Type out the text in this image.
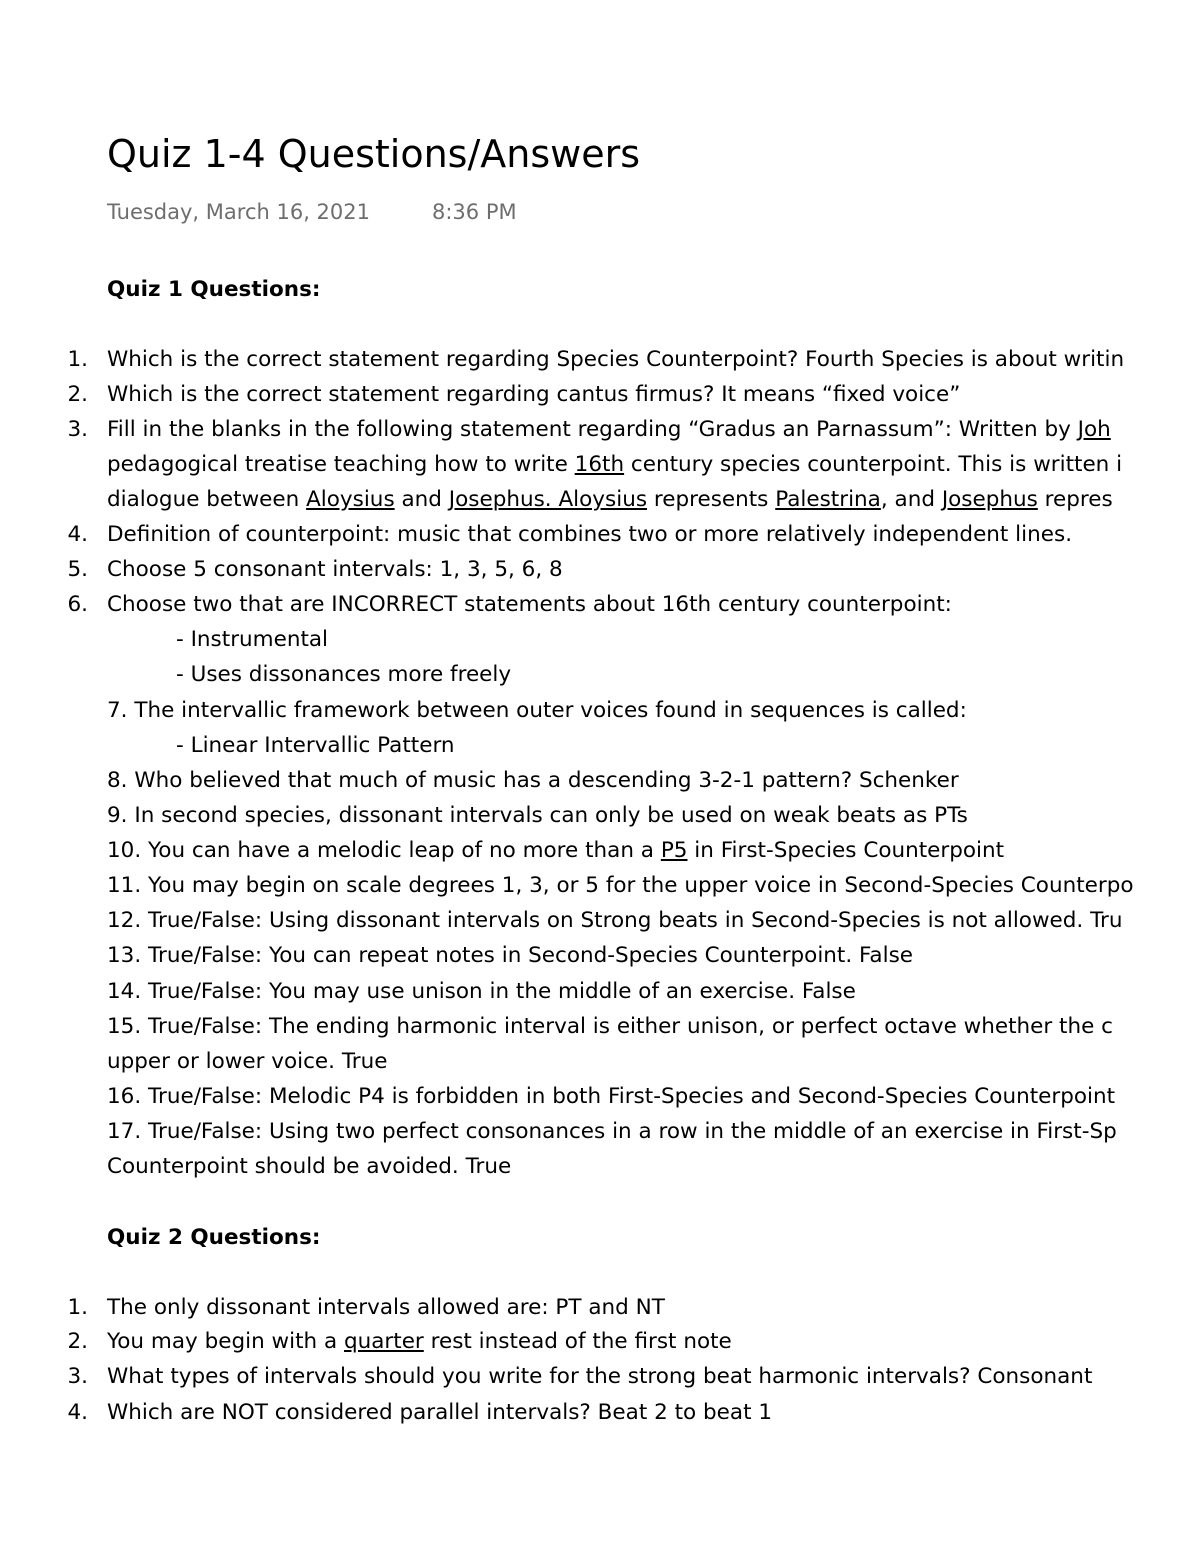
Quiz 1-4 Questions/Answers
Tuesday, March 16, 2021	8:36 PM
Quiz 1 Questions:
1. Which is the correct statement regarding Species Counterpoint? Fourth Species is about writin
2. Which is the correct statement regarding cantus firmus? It means “fixed voice”
3. Fill in the blanks in the following statement regarding “Gradus an Parnassum”: Written by Joh
pedagogical treatise teaching how to write 16th century species counterpoint. This is written i
dialogue between Aloysius and Josephus. Aloysius represents Palestrina, and Josephus repres
4. Definition of counterpoint: music that combines two or more relatively independent lines.
5. Choose 5 consonant intervals: 1, 3, 5, 6, 8
6. Choose two that are INCORRECT statements about 16th century counterpoint:
- Instrumental
- Uses dissonances more freely
7. The intervallic framework between outer voices found in sequences is called:
- Linear Intervallic Pattern
8. Who believed that much of music has a descending 3-2-1 pattern? Schenker
9. In second species, dissonant intervals can only be used on weak beats as PTs
10. You can have a melodic leap of no more than a P5 in First-Species Counterpoint
11. You may begin on scale degrees 1, 3, or 5 for the upper voice in Second-Species Counterpo
12. True/False: Using dissonant intervals on Strong beats in Second-Species is not allowed. Tru
13. True/False: You can repeat notes in Second-Species Counterpoint. False
14. True/False: You may use unison in the middle of an exercise. False
15. True/False: The ending harmonic interval is either unison, or perfect octave whether the c
upper or lower voice. True
16. True/False: Melodic P4 is forbidden in both First-Species and Second-Species Counterpoint
17. True/False: Using two perfect consonances in a row in the middle of an exercise in First-Sp
Counterpoint should be avoided. True
Quiz 2 Questions:
1. The only dissonant intervals allowed are: PT and NT
2. You may begin with a quarter rest instead of the first note
3. What types of intervals should you write for the strong beat harmonic intervals? Consonant
4. Which are NOT considered parallel intervals? Beat 2 to beat 1
